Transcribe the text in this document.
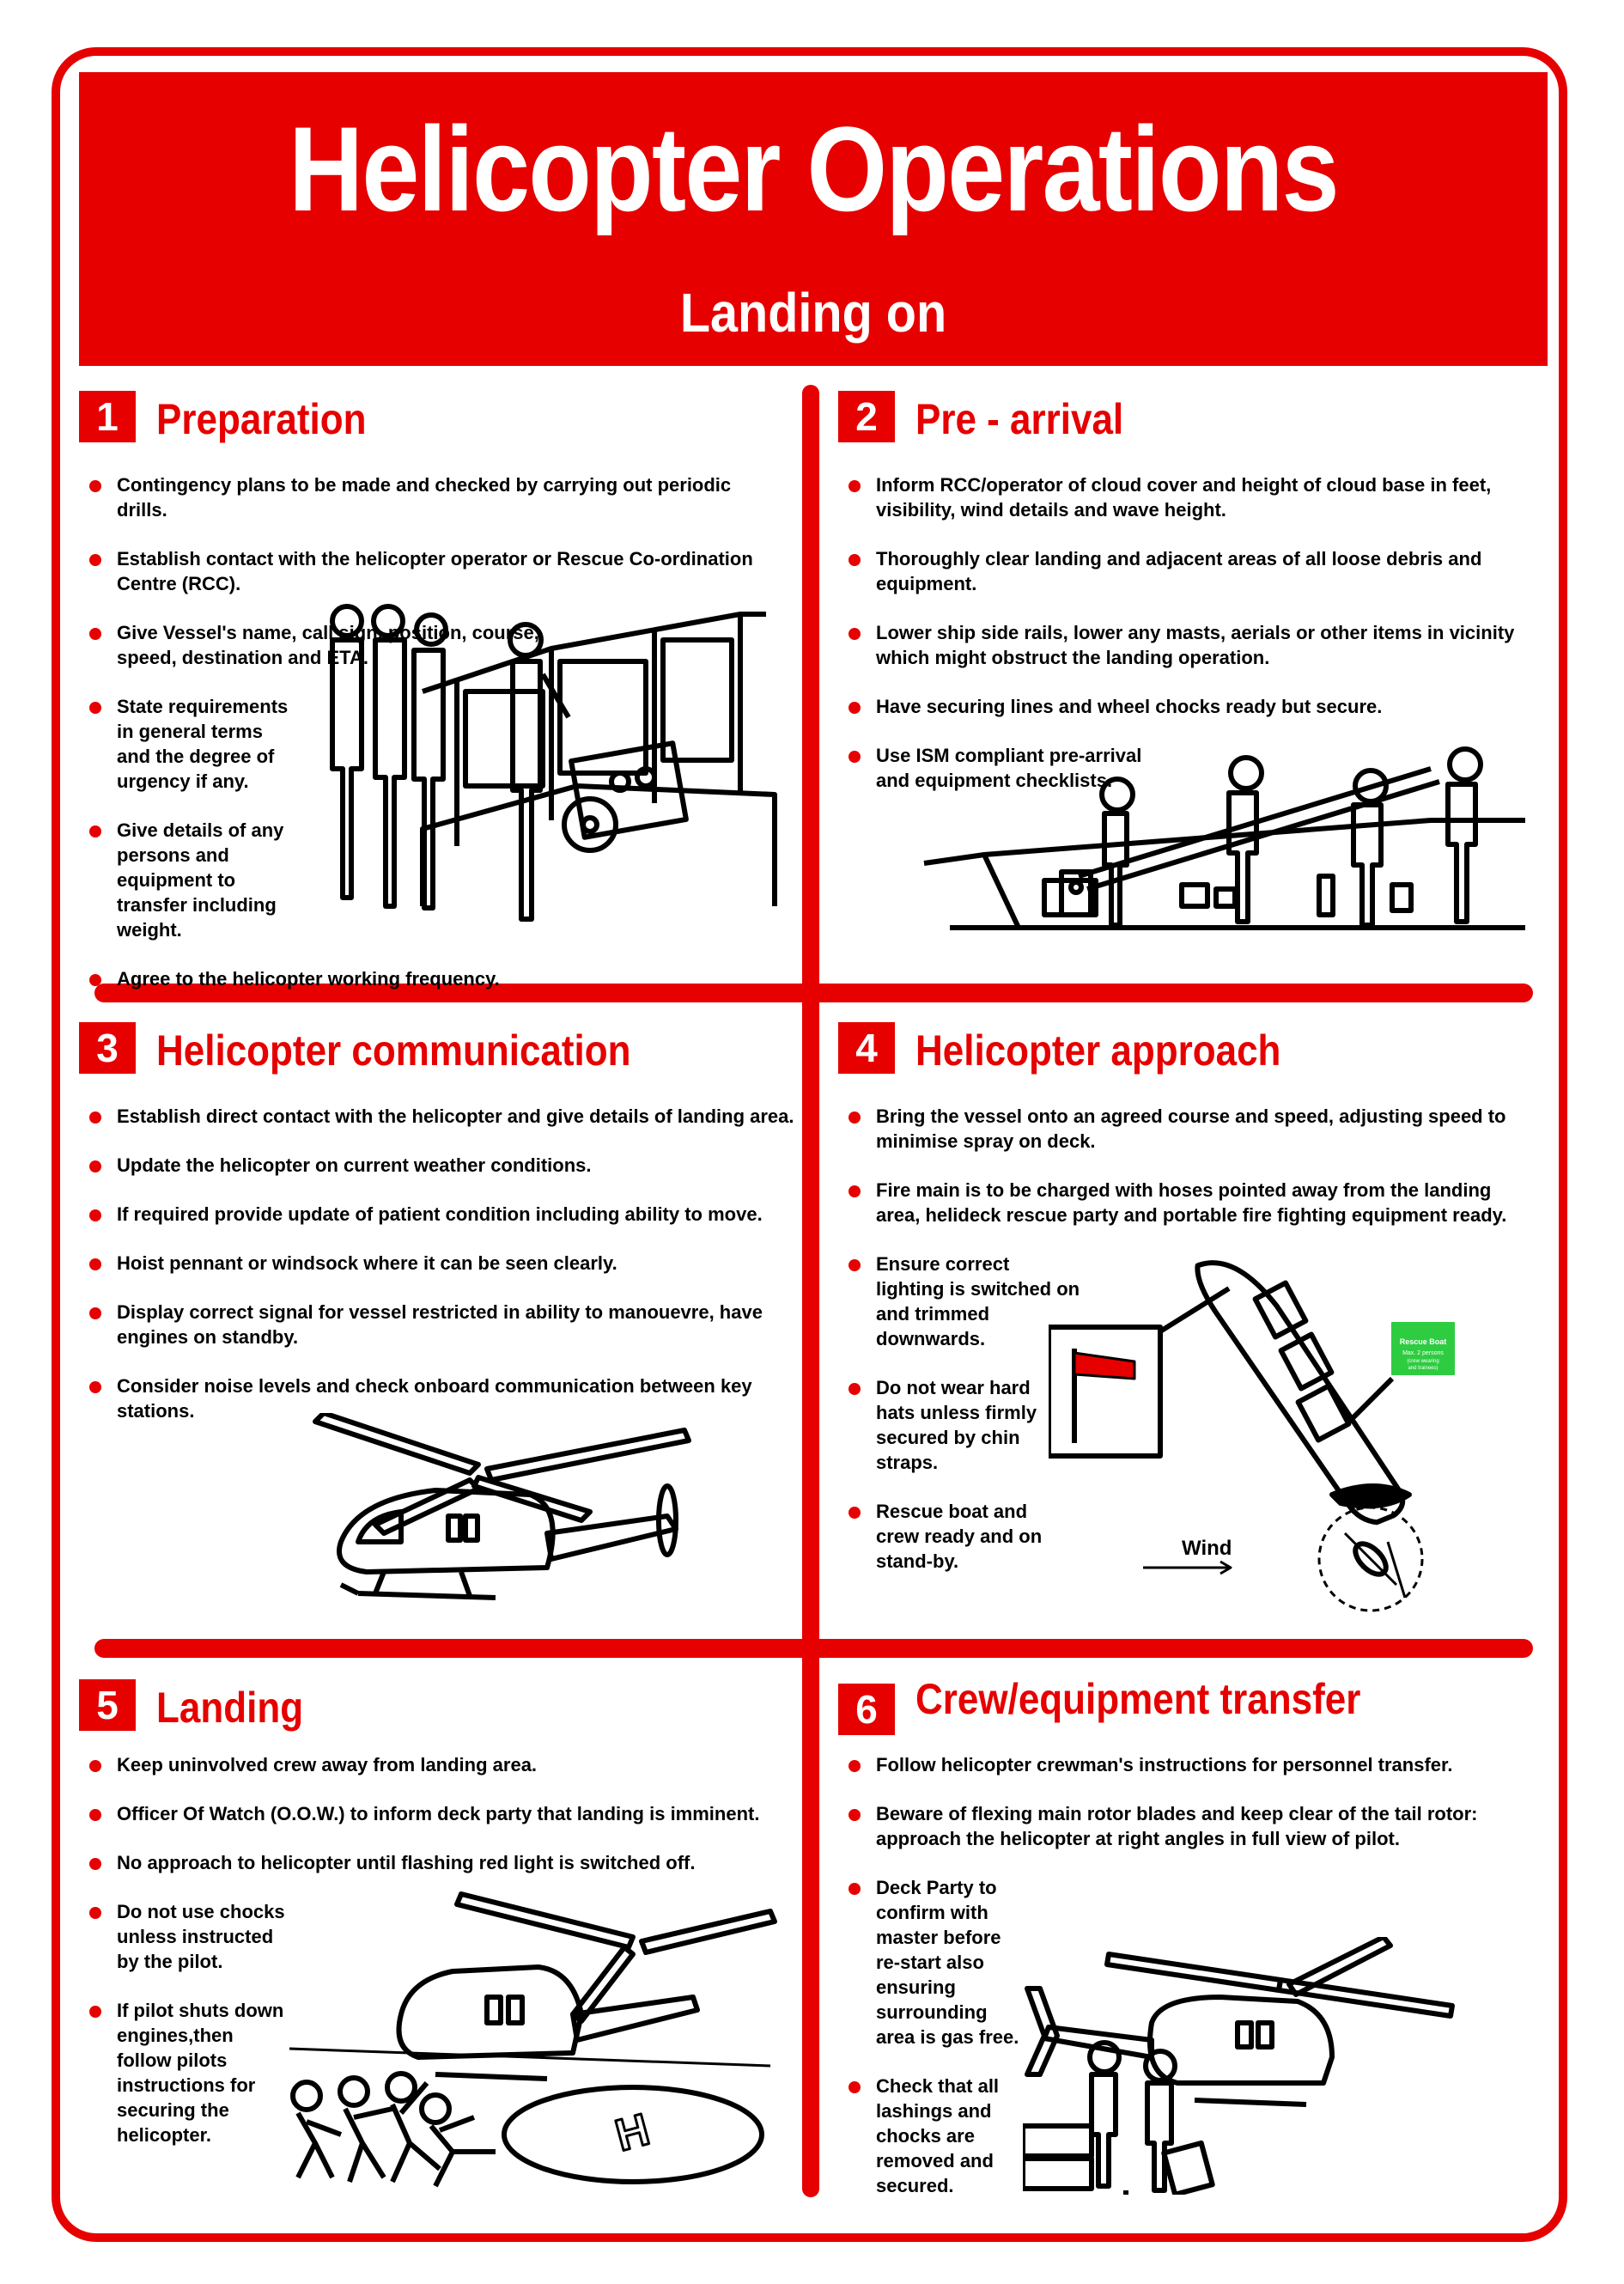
Helicopter Operations
Landing on
1 Preparation
Contingency plans to be made and checked by carrying out periodic drills.
Establish contact with the helicopter operator or Rescue Co-ordination Centre (RCC).
Give Vessel's name, call sign, position, course, speed, destination and ETA.
State requirements in general terms and the degree of urgency if any.
Give details of any persons and equipment to transfer including weight.
Agree to the helicopter working frequency.
2 Pre - arrival
Inform RCC/operator of cloud cover and height of cloud base in feet, visibility, wind details and wave height.
Thoroughly clear landing and adjacent areas of all loose debris and equipment.
Lower ship side rails, lower any masts, aerials or other items in vicinity which might obstruct the landing operation.
Have securing lines and wheel chocks ready but secure.
Use ISM compliant pre-arrival and equipment checklists.
3 Helicopter communication
Establish direct contact with the helicopter and give details of landing area.
Update the helicopter on current weather conditions.
If required provide update of patient condition including ability to move.
Hoist pennant or windsock where it can be seen clearly.
Display correct signal for vessel restricted in ability to manouevre, have engines on standby.
Consider noise levels and check onboard communication between key stations.
4 Helicopter approach
Bring the vessel onto an agreed course and speed, adjusting speed to minimise spray on deck.
Fire main is to be charged with hoses pointed away from the landing area, helideck rescue party and portable fire fighting equipment ready.
Ensure correct lighting is switched on and trimmed downwards.
Do not wear hard hats unless firmly secured by chin straps.
Rescue boat and crew ready and on stand-by.
Rescue Boat
Max. 2 persons
(crew wearing
and trainees)
Wind
5 Landing
Keep uninvolved crew away from landing area.
Officer Of Watch (O.O.W.) to inform deck party that landing is imminent.
No approach to helicopter until flashing red light is switched off.
Do not use chocks unless instructed by the pilot.
If pilot shuts down engines,then follow pilots instructions for securing the helicopter.	H
6 Crew/equipment transfer
Follow helicopter crewman's instructions for personnel transfer.
Beware of flexing main rotor blades and keep clear of the tail rotor: approach the helicopter at right angles in full view of pilot.
Deck Party to confirm with master before re-start also ensuring surrounding area is gas free.
Check that all lashings and chocks are removed and secured.
